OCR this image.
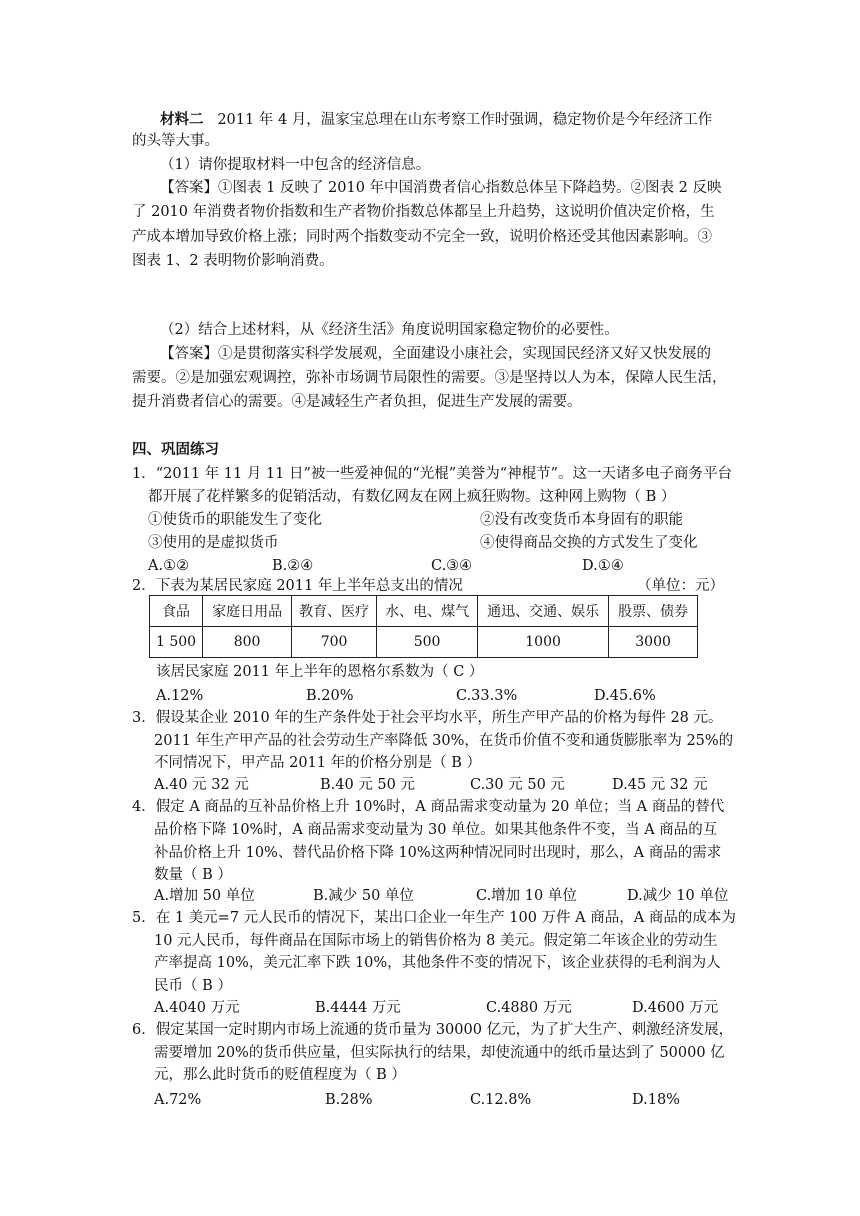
材料二 2011 年 4 月，温家宝总理在山东考察工作时强调，稳定物价是今年经济工作
的头等大事。
（1）请你提取材料一中包含的经济信息。
【答案】①图表 1 反映了 2010 年中国消费者信心指数总体呈下降趋势。②图表 2 反映
了 2010 年消费者物价指数和生产者物价指数总体都呈上升趋势，这说明价值决定价格，生
产成本增加导致价格上涨；同时两个指数变动不完全一致，说明价格还受其他因素影响。③
图表 1、2 表明物价影响消费。
（2）结合上述材料，从《经济生活》角度说明国家稳定物价的必要性。
【答案】①是贯彻落实科学发展观，全面建设小康社会，实现国民经济又好又快发展的
需要。②是加强宏观调控，弥补市场调节局限性的需要。③是坚持以人为本，保障人民生活，
提升消费者信心的需要。④是减轻生产者负担，促进生产发展的需要。
四、巩固练习
1．“2011 年 11 月 11 日”被一些爱神侃的“光棍”美誉为“神棍节”。这一天诸多电子商务平台
都开展了花样繁多的促销活动，有数亿网友在网上疯狂购物。这种网上购物（ B ）
①使货币的职能发生了变化	②没有改变货币本身固有的职能
③使用的是虚拟货币	④使得商品交换的方式发生了变化
A.①②	B.②④	C.③④	D.①④
2．下表为某居民家庭 2011 年上半年总支出的情况	（单位：元）
食品	家庭日用品	教育、医疗	水、电、煤气	通迅、交通、娱乐	股票、债券
1 500	800	700	500	1000	3000
该居民家庭 2011 年上半年的恩格尔系数为（ C ）
A.12%	B.20%	C.33.3%	D.45.6%
3．假设某企业 2010 年的生产条件处于社会平均水平，所生产甲产品的价格为每件 28 元。
2011 年生产甲产品的社会劳动生产率降低 30%，在货币价值不变和通货膨胀率为 25%的
不同情况下，甲产品 2011 年的价格分别是（ B ）
A.40 元 32 元	B.40 元 50 元	C.30 元 50 元	D.45 元 32 元
4．假定 A 商品的互补品价格上升 10%时，A 商品需求变动量为 20 单位；当 A 商品的替代
品价格下降 10%时，A 商品需求变动量为 30 单位。如果其他条件不变，当 A 商品的互
补品价格上升 10%、替代品价格下降 10%这两种情况同时出现时，那么，A 商品的需求
数量（ B ）
A.增加 50 单位	B.减少 50 单位	C.增加 10 单位	D.减少 10 单位
5．在 1 美元=7 元人民币的情况下，某出口企业一年生产 100 万件 A 商品，A 商品的成本为
10 元人民币，每件商品在国际市场上的销售价格为 8 美元。假定第二年该企业的劳动生
产率提高 10%，美元汇率下跌 10%，其他条件不变的情况下，该企业获得的毛利润为人
民币（ B ）
A.4040 万元	B.4444 万元	C.4880 万元	D.4600 万元
6．假定某国一定时期内市场上流通的货币量为 30000 亿元，为了扩大生产、刺激经济发展，
需要增加 20%的货币供应量，但实际执行的结果，却使流通中的纸币量达到了 50000 亿
元，那么此时货币的贬值程度为（ B ）
A.72%	B.28%	C.12.8%	D.18%
